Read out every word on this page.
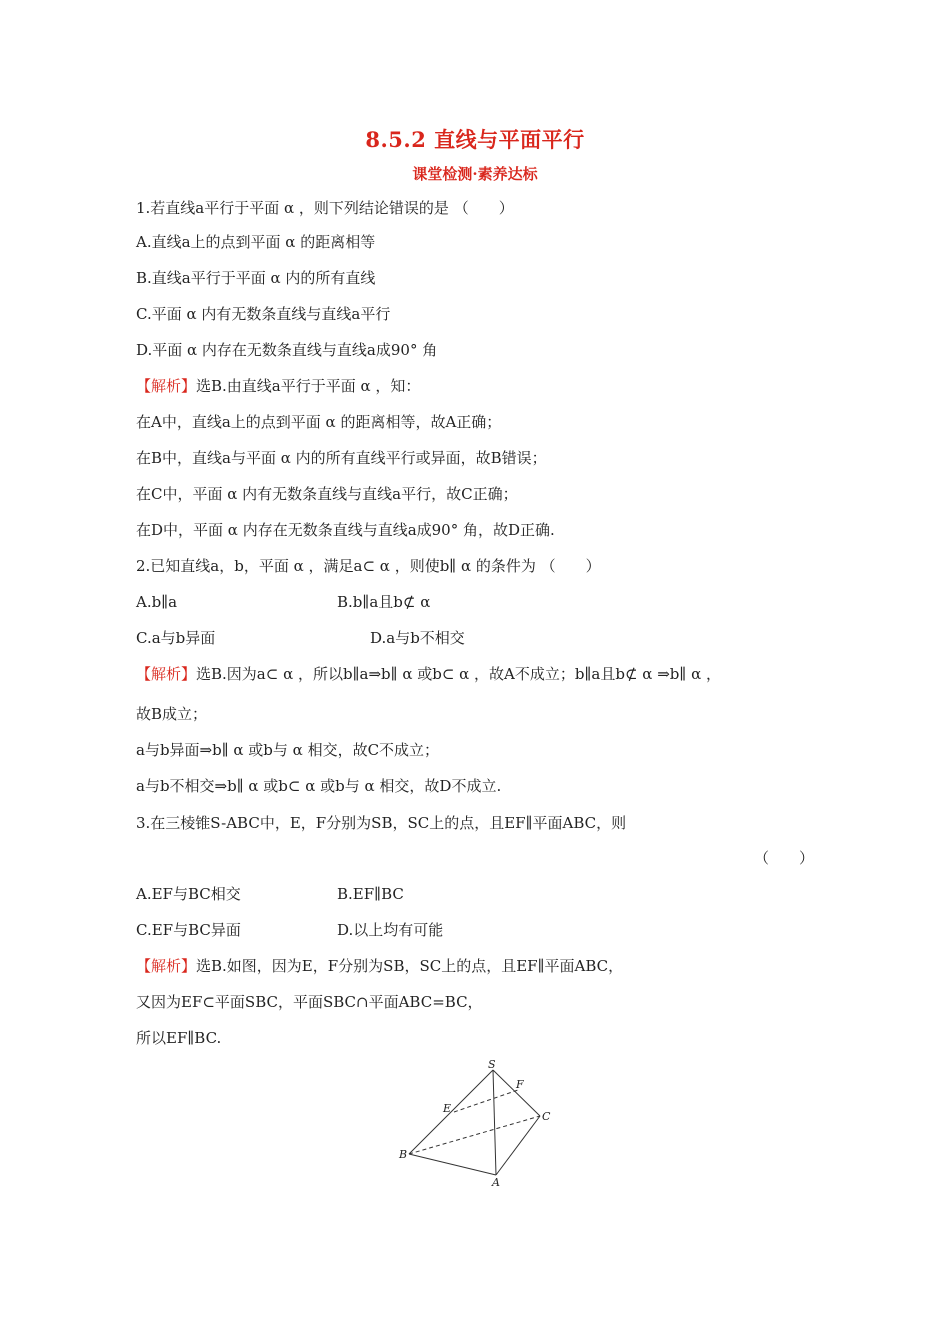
8.5.2 直线与平面平行
课堂检测·素养达标
1.若直线a平行于平面 α ，则下列结论错误的是 （　　）
A.直线a上的点到平面 α 的距离相等
B.直线a平行于平面 α 内的所有直线
C.平面 α 内有无数条直线与直线a平行
D.平面 α 内存在无数条直线与直线a成90° 角
【解析】选B.由直线a平行于平面 α ，知：
在A中，直线a上的点到平面 α 的距离相等，故A正确；
在B中，直线a与平面 α 内的所有直线平行或异面，故B错误；
在C中，平面 α 内有无数条直线与直线a平行，故C正确；
在D中，平面 α 内存在无数条直线与直线a成90° 角，故D正确.
2.已知直线a，b，平面 α ，满足a⊂ α ，则使b∥ α 的条件为 （　　）
A.b∥a	B.b∥a且b⊄ α
C.a与b异面	D.a与b不相交
【解析】选B.因为a⊂ α ，所以b∥a⇒b∥ α 或b⊂ α ，故A不成立；b∥a且b⊄ α ⇒b∥ α ，
故B成立；
a与b异面⇒b∥ α 或b与 α 相交，故C不成立；
a与b不相交⇒b∥ α 或b⊂ α 或b与 α 相交，故D不成立.
3.在三棱锥S-ABC中，E，F分别为SB，SC上的点，且EF∥平面ABC，则
（　　）
A.EF与BC相交	B.EF∥BC
C.EF与BC异面	D.以上均有可能
【解析】选B.如图，因为E，F分别为SB，SC上的点，且EF∥平面ABC，
又因为EF⊂平面SBC，平面SBC∩平面ABC=BC，
所以EF∥BC.
S
F
E
C
B
A
